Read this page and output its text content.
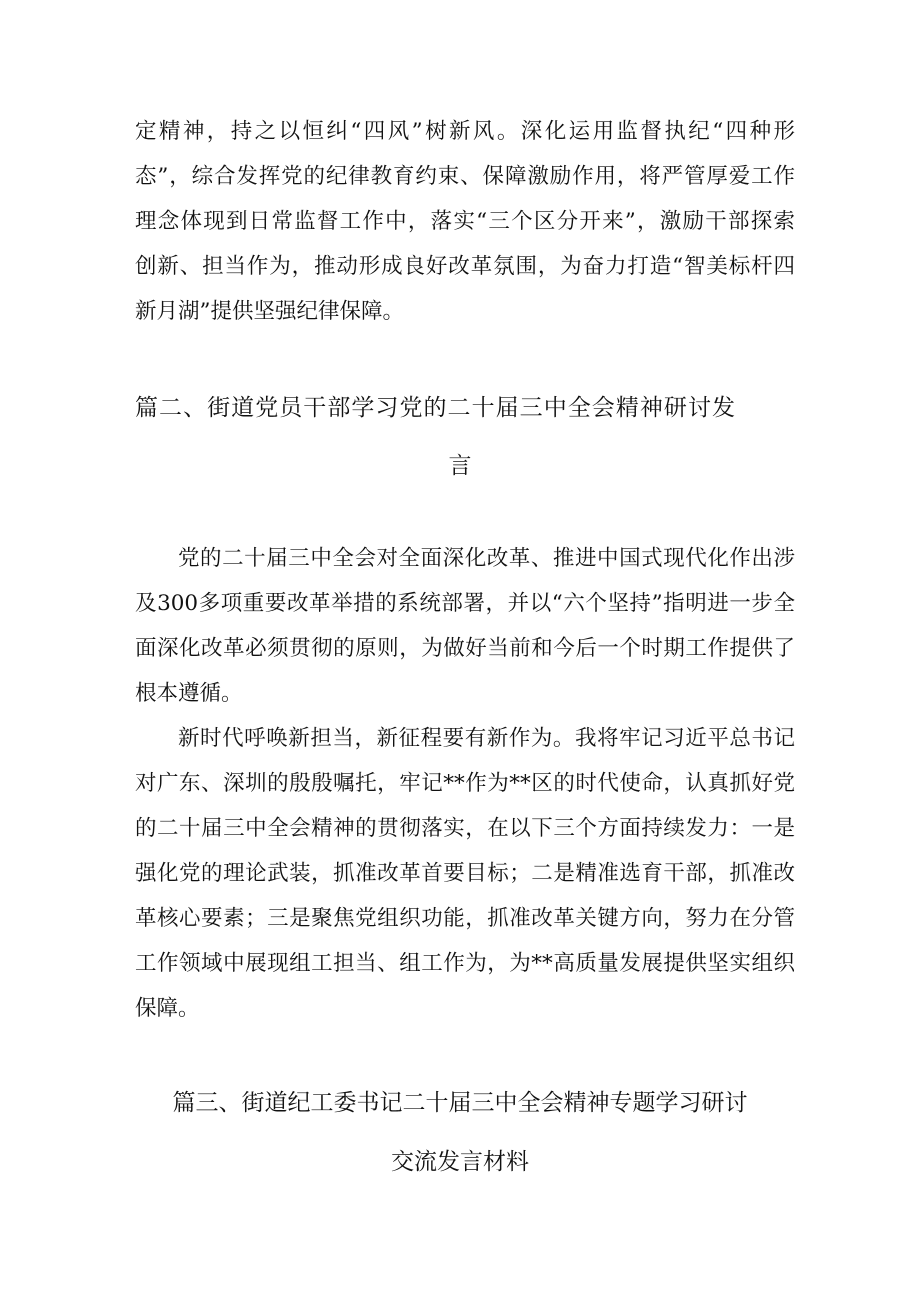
定精神，持之以恒纠“四风”树新风。深化运用监督执纪“四种形
态”，综合发挥党的纪律教育约束、保障激励作用，将严管厚爱工作
理念体现到日常监督工作中，落实“三个区分开来”，激励干部探索
创新、担当作为，推动形成良好改革氛围，为奋力打造“智美标杆四
新月湖”提供坚强纪律保障。
篇二、街道党员干部学习党的二十届三中全会精神研讨发
言
党的二十届三中全会对全面深化改革、推进中国式现代化作出涉
及300多项重要改革举措的系统部署，并以“六个坚持”指明进一步全
面深化改革必须贯彻的原则，为做好当前和今后一个时期工作提供了
根本遵循。
新时代呼唤新担当，新征程要有新作为。我将牢记习近平总书记
对广东、深圳的殷殷嘱托，牢记**作为**区的时代使命，认真抓好党
的二十届三中全会精神的贯彻落实，在以下三个方面持续发力：一是
强化党的理论武装，抓准改革首要目标；二是精准选育干部，抓准改
革核心要素；三是聚焦党组织功能，抓准改革关键方向，努力在分管
工作领域中展现组工担当、组工作为，为**高质量发展提供坚实组织
保障。
篇三、街道纪工委书记二十届三中全会精神专题学习研讨
交流发言材料
